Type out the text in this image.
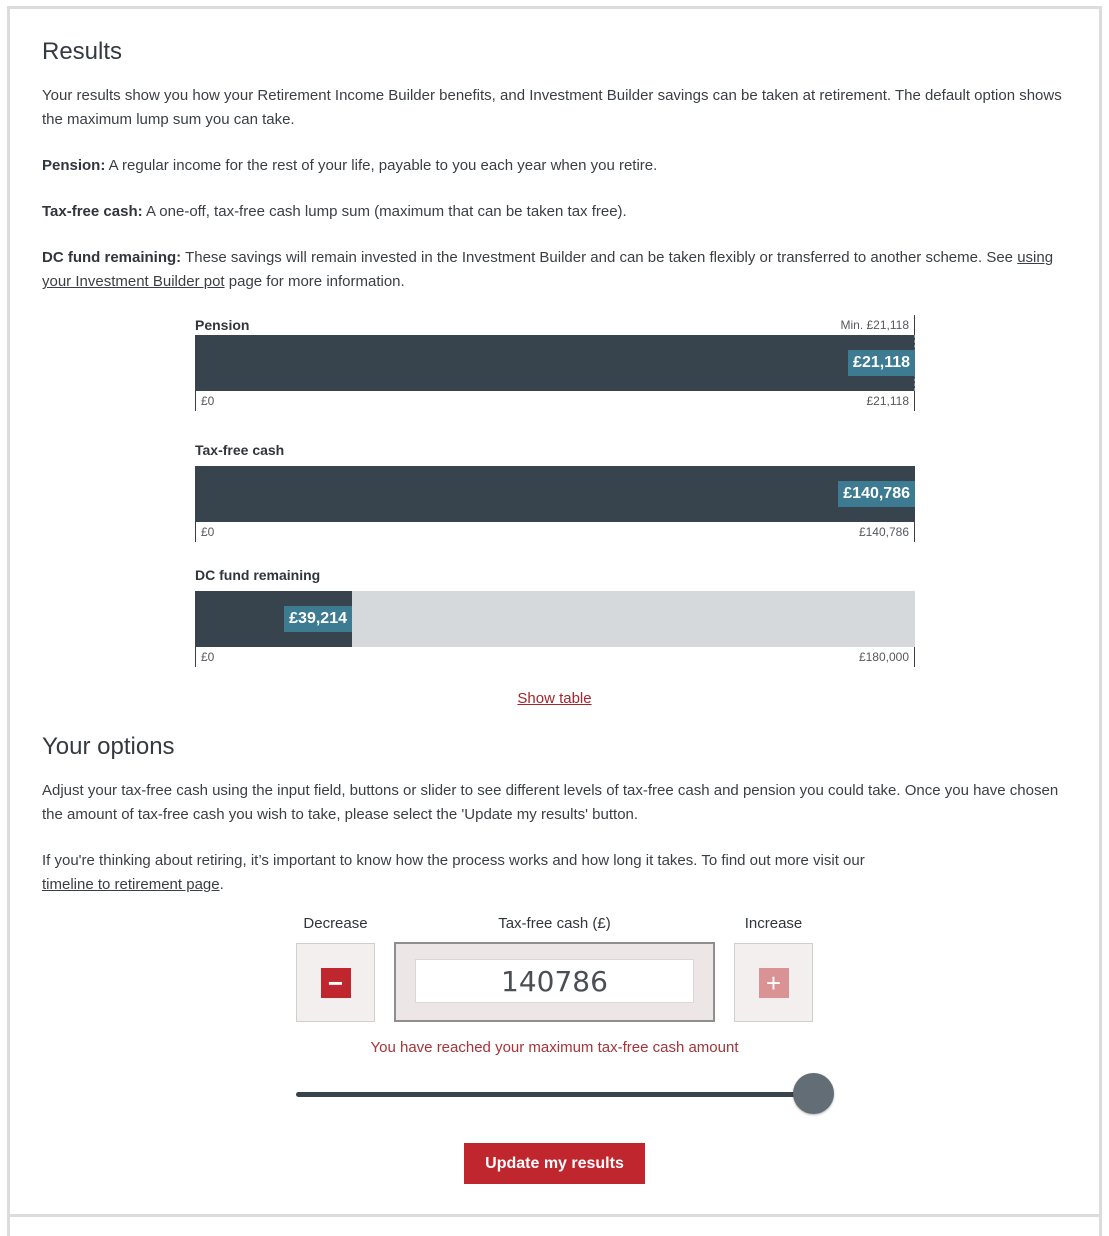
Results

Your results show you how your Retirement Income Builder benefits, and Investment Builder savings can be taken at retirement. The default option shows the maximum lump sum you can take.

Pension: A regular income for the rest of your life, payable to you each year when you retire.

Tax-free cash: A one-off, tax-free cash lump sum (maximum that can be taken tax free).

DC fund remaining: These savings will remain invested in the Investment Builder and can be taken flexibly or transferred to another scheme. See using your Investment Builder pot page for more information.

Pension	Min. £21,118
£21,118
£0	£21,118
Tax-free cash
£140,786
£0	£140,786
DC fund remaining
£39,214
£0	£180,000
Show table
Your options

Adjust your tax-free cash using the input field, buttons or slider to see different levels of tax-free cash and pension you could take. Once you have chosen the amount of tax-free cash you wish to take, please select the 'Update my results' button.

If you're thinking about retiring, it’s important to know how the process works and how long it takes. To find out more visit our
timeline to retirement page.

Decrease	Tax-free cash (£)	Increase
−
140786	+
You have reached your maximum tax-free cash amount
Update my results
